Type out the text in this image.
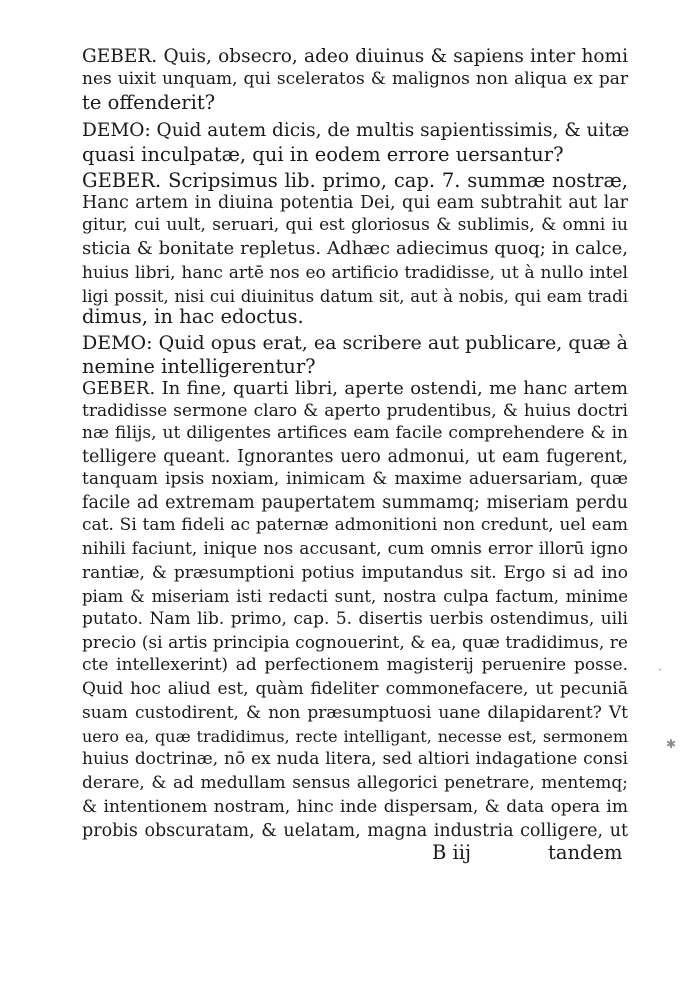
GEBER. Quis, obsecro, adeo diuinus & sapiens inter homi
nes uixit unquam, qui sceleratos & malignos non aliqua ex par
te offenderit?
DEMO: Quid autem dicis, de multis sapientissimis, & uitæ
quasi inculpatæ, qui in eodem errore uersantur?
GEBER. Scripsimus lib. primo, cap. 7. summæ nostræ,
Hanc artem in diuina potentia Dei, qui eam subtrahit aut lar
gitur, cui uult, seruari, qui est gloriosus & sublimis, & omni iu
sticia & bonitate repletus. Adhæc adiecimus quoq; in calce,
huius libri, hanc artē nos eo artificio tradidisse, ut à nullo intel
ligi possit, nisi cui diuinitus datum sit, aut à nobis, qui eam tradi
dimus, in hac edoctus.
DEMO: Quid opus erat, ea scribere aut publicare, quæ à
nemine intelligerentur?
GEBER. In fine, quarti libri, aperte ostendi, me hanc artem
tradidisse sermone claro & aperto prudentibus, & huius doctri
næ filijs, ut diligentes artifices eam facile comprehendere & in
telligere queant. Ignorantes uero admonui, ut eam fugerent,
tanquam ipsis noxiam, inimicam & maxime aduersariam, quæ
facile ad extremam paupertatem summamq; miseriam perdu
cat. Si tam fideli ac paternæ admonitioni non credunt, uel eam
nihili faciunt, inique nos accusant, cum omnis error illorū igno
rantiæ, & præsumptioni potius imputandus sit. Ergo si ad ino
piam & miseriam isti redacti sunt, nostra culpa factum, minime
putato. Nam lib. primo, cap. 5. disertis uerbis ostendimus, uili
precio (si artis principia cognouerint, & ea, quæ tradidimus, re
cte intellexerint) ad perfectionem magisterij peruenire posse.
Quid hoc aliud est, quàm fideliter commonefacere, ut pecuniā
suam custodirent, & non præsumptuosi uane dilapidarent? Vt
uero ea, quæ tradidimus, recte intelligant, necesse est, sermonem
huius doctrinæ, nō ex nuda litera, sed altiori indagatione consi
derare, & ad medullam sensus allegorici penetrare, mentemq;
& intentionem nostram, hinc inde dispersam, & data opera im
probis obscuratam, & uelatam, magna industria colligere, ut
B iij	tandem
·
✱
